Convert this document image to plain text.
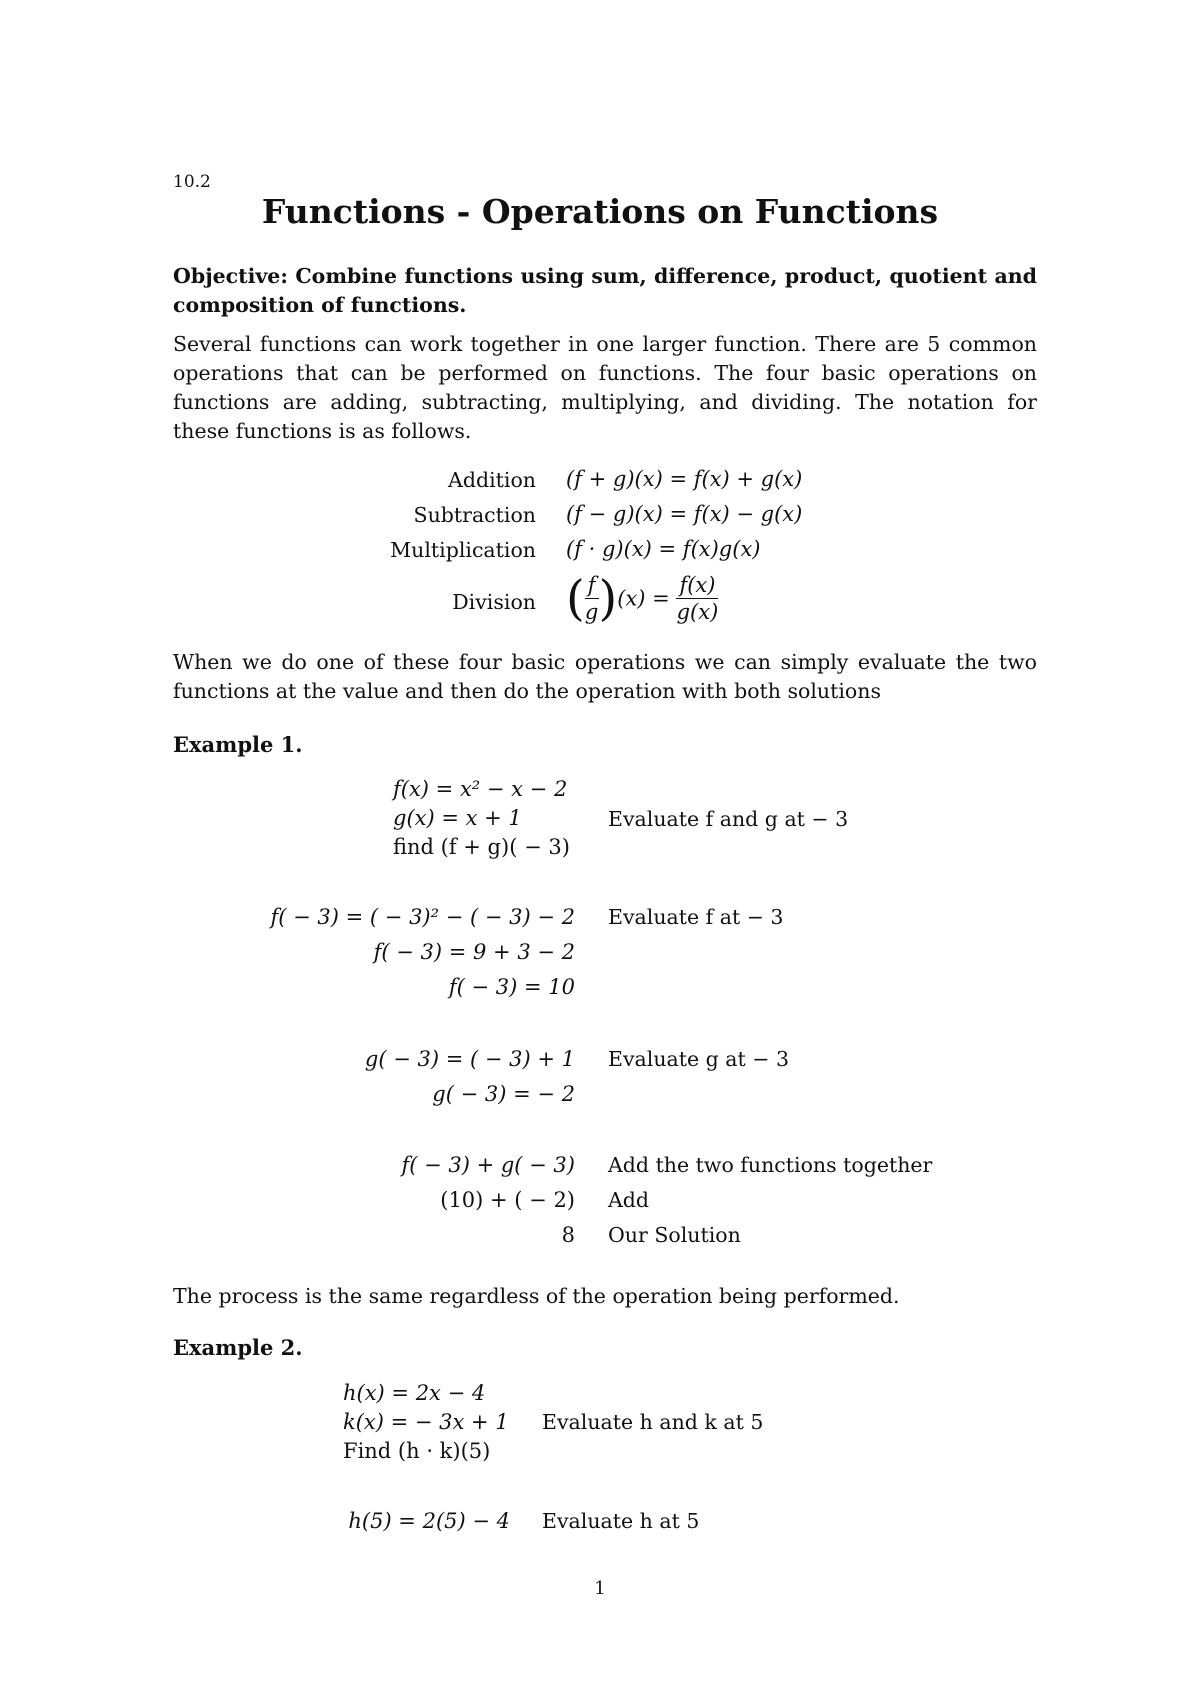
10.2
Functions - Operations on Functions
Objective: Combine functions using sum, difference, product, quotient and composition of functions.
Several functions can work together in one larger function. There are 5 common operations that can be performed on functions. The four basic operations on functions are adding, subtracting, multiplying, and dividing. The notation for these functions is as follows.
Addition (f + g)(x) = f(x) + g(x)
Subtraction (f − g)(x) = f(x) − g(x)
Multiplication (f · g)(x) = f(x)g(x)
Division ( $\frac{f}{g} )(x) = \frac{f(x)}{g(x)}$
When we do one of these four basic operations we can simply evaluate the two functions at the value and then do the operation with both solutions
Example 1.
f(x) = x² − x − 2
g(x) = x + 1
find (f + g)( − 3)
Evaluate f and g at − 3
f( − 3) = ( − 3)² − ( − 3) − 2
f( − 3) = 9 + 3 − 2
f( − 3) = 10
Evaluate f at − 3
g( − 3) = ( − 3) + 1
g( − 3) = − 2
Evaluate g at − 3
f( − 3) + g( − 3) Add the two functions together
(10) + ( − 2) Add
8 Our Solution
The process is the same regardless of the operation being performed.
Example 2.
h(x) = 2x − 4
k(x) = − 3x + 1
Find (h · k)(5)
Evaluate h and k at 5
h(5) = 2(5) − 4 Evaluate h at 5
1
